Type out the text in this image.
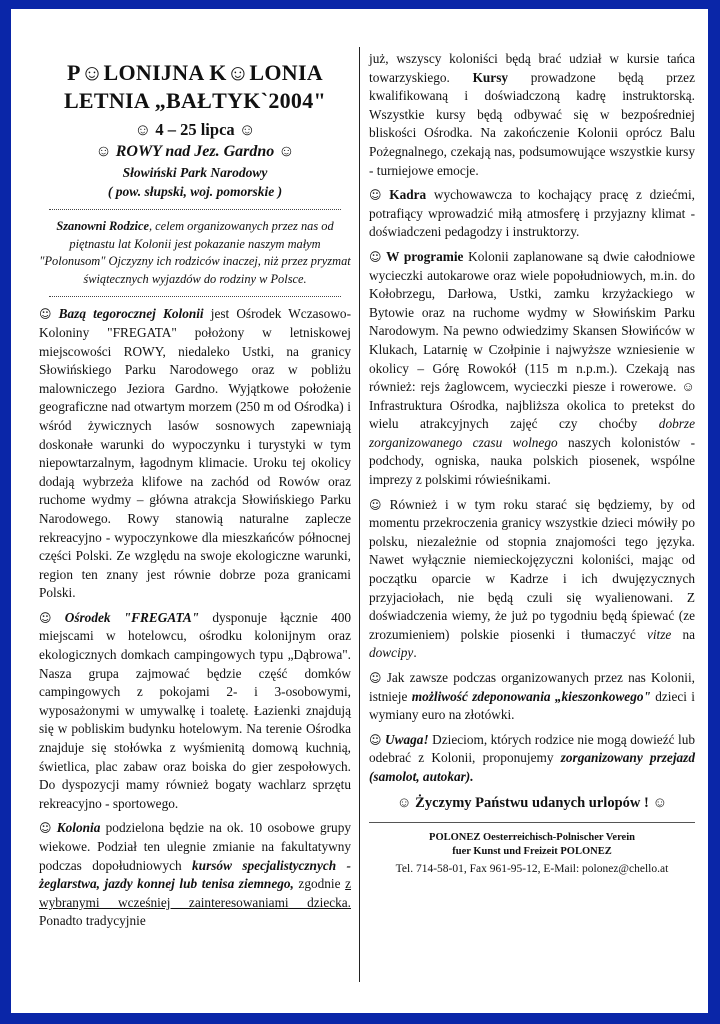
P☺LONIJNA K☺LONIA
LETNIA „BAŁTYK`2004"
☺ 4 – 25 lipca ☺
☺ ROWY nad Jez. Gardno ☺
Słowiński Park Narodowy
( pow. słupski, woj. pomorskie )
Szanowni Rodzice, celem organizowanych przez nas od piętnastu lat Kolonii jest pokazanie naszym małym "Polonusom" Ojczyzny ich rodziców inaczej, niż przez pryzmat świątecznych wyjazdów do rodziny w Polsce.

☺ Bazą tegorocznej Kolonii jest Ośrodek Wczasowo-Koloniny "FREGATA" położony w letniskowej miejscowości ROWY, niedaleko Ustki, na granicy Słowińskiego Parku Narodowego oraz w pobliżu malowniczego Jeziora Gardno. Wyjątkowe położenie geograficzne nad otwartym morzem (250 m od Ośrodka) i wśród żywicznych lasów sosnowych zapewniają doskonałe warunki do wypoczynku i turystyki w tym niepowtarzalnym, łagodnym klimacie. Uroku tej okolicy dodają wybrzeża klifowe na zachód od Rowów oraz ruchome wydmy – główna atrakcja Słowińskiego Parku Narodowego. Rowy stanowią naturalne zaplecze rekreacyjno - wypoczynkowe dla mieszkańców północnej części Polski. Ze względu na swoje ekologiczne warunki, region ten znany jest równie dobrze poza granicami Polski.

☺ Ośrodek "FREGATA" dysponuje łącznie 400 miejscami w hotelowcu, ośrodku kolonijnym oraz ekologicznych domkach campingowych typu „Dąbrowa". Nasza grupa zajmować będzie część domków campingowych z pokojami 2- i 3-osobowymi, wyposażonymi w umywalkę i toaletę. Łazienki znajdują się w pobliskim budynku hotelowym. Na terenie Ośrodka znajduje się stołówka z wyśmienitą domową kuchnią, świetlica, plac zabaw oraz boiska do gier zespołowych. Do dyspozycji mamy również bogaty wachlarz sprzętu rekreacyjno - sportowego.

☺ Kolonia podzielona będzie na ok. 10 osobowe grupy wiekowe. Podział ten ulegnie zmianie na fakultatywny podczas dopołudniowych kursów specjalistycznych - żeglarstwa, jazdy konnej lub tenisa ziemnego, zgodnie z wybranymi wcześniej zainteresowaniami dziecka. Ponadto tradycyjnie

już, wszyscy koloniści będą brać udział w kursie tańca towarzyskiego. Kursy prowadzone będą przez kwalifikowaną i doświadczoną kadrę instruktorską. Wszystkie kursy będą odbywać się w bezpośredniej bliskości Ośrodka. Na zakończenie Kolonii oprócz Balu Pożegnalnego, czekają nas, podsumowujące wszystkie kursy - turniejowe emocje.

☺ Kadra wychowawcza to kochający pracę z dziećmi, potrafiący wprowadzić miłą atmosferę i przyjazny klimat - doświadczeni pedagodzy i instruktorzy.

☺ W programie Kolonii zaplanowane są dwie całodniowe wycieczki autokarowe oraz wiele popołudniowych, m.in. do Kołobrzegu, Darłowa, Ustki, zamku krzyżackiego w Bytowie oraz na ruchome wydmy w Słowińskim Parku Narodowym. Na pewno odwiedzimy Skansen Słowińców w Klukach, Latarnię w Czołpinie i najwyższe wzniesienie w okolicy – Górę Rowokół (115 m n.p.m.). Czekają nas również: rejs żaglowcem, wycieczki piesze i rowerowe. ☺ Infrastruktura Ośrodka, najbliższa okolica to pretekst do wielu atrakcyjnych zajęć czy choćby dobrze zorganizowanego czasu wolnego naszych kolonistów - podchody, ogniska, nauka polskich piosenek, wspólne imprezy z polskimi rówieśnikami.

☺ Również i w tym roku starać się będziemy, by od momentu przekroczenia granicy wszystkie dzieci mówiły po polsku, niezależnie od stopnia znajomości tego języka. Nawet wyłącznie niemieckojęzyczni koloniści, mając od początku oparcie w Kadrze i ich dwujęzycznych przyjaciołach, nie będą czuli się wyalienowani. Z doświadczenia wiemy, że już po tygodniu będą śpiewać (ze zrozumieniem) polskie piosenki i tłumaczyć vitze na dowcipy.

☺ Jak zawsze podczas organizowanych przez nas Kolonii, istnieje możliwość zdeponowania „kieszonkowego" dzieci i wymiany euro na złotówki.

☺ Uwaga! Dzieciom, których rodzice nie mogą dowieźć lub odebrać z Kolonii, proponujemy zorganizowany przejazd (samolot, autokar).

☺ Życzymy Państwu udanych urlopów ! ☺
POLONEZ Oesterreichisch-Polnischer Verein
fuer Kunst und Freizeit POLONEZ
Tel. 714-58-01, Fax 961-95-12, E-Mail: polonez@chello.at
